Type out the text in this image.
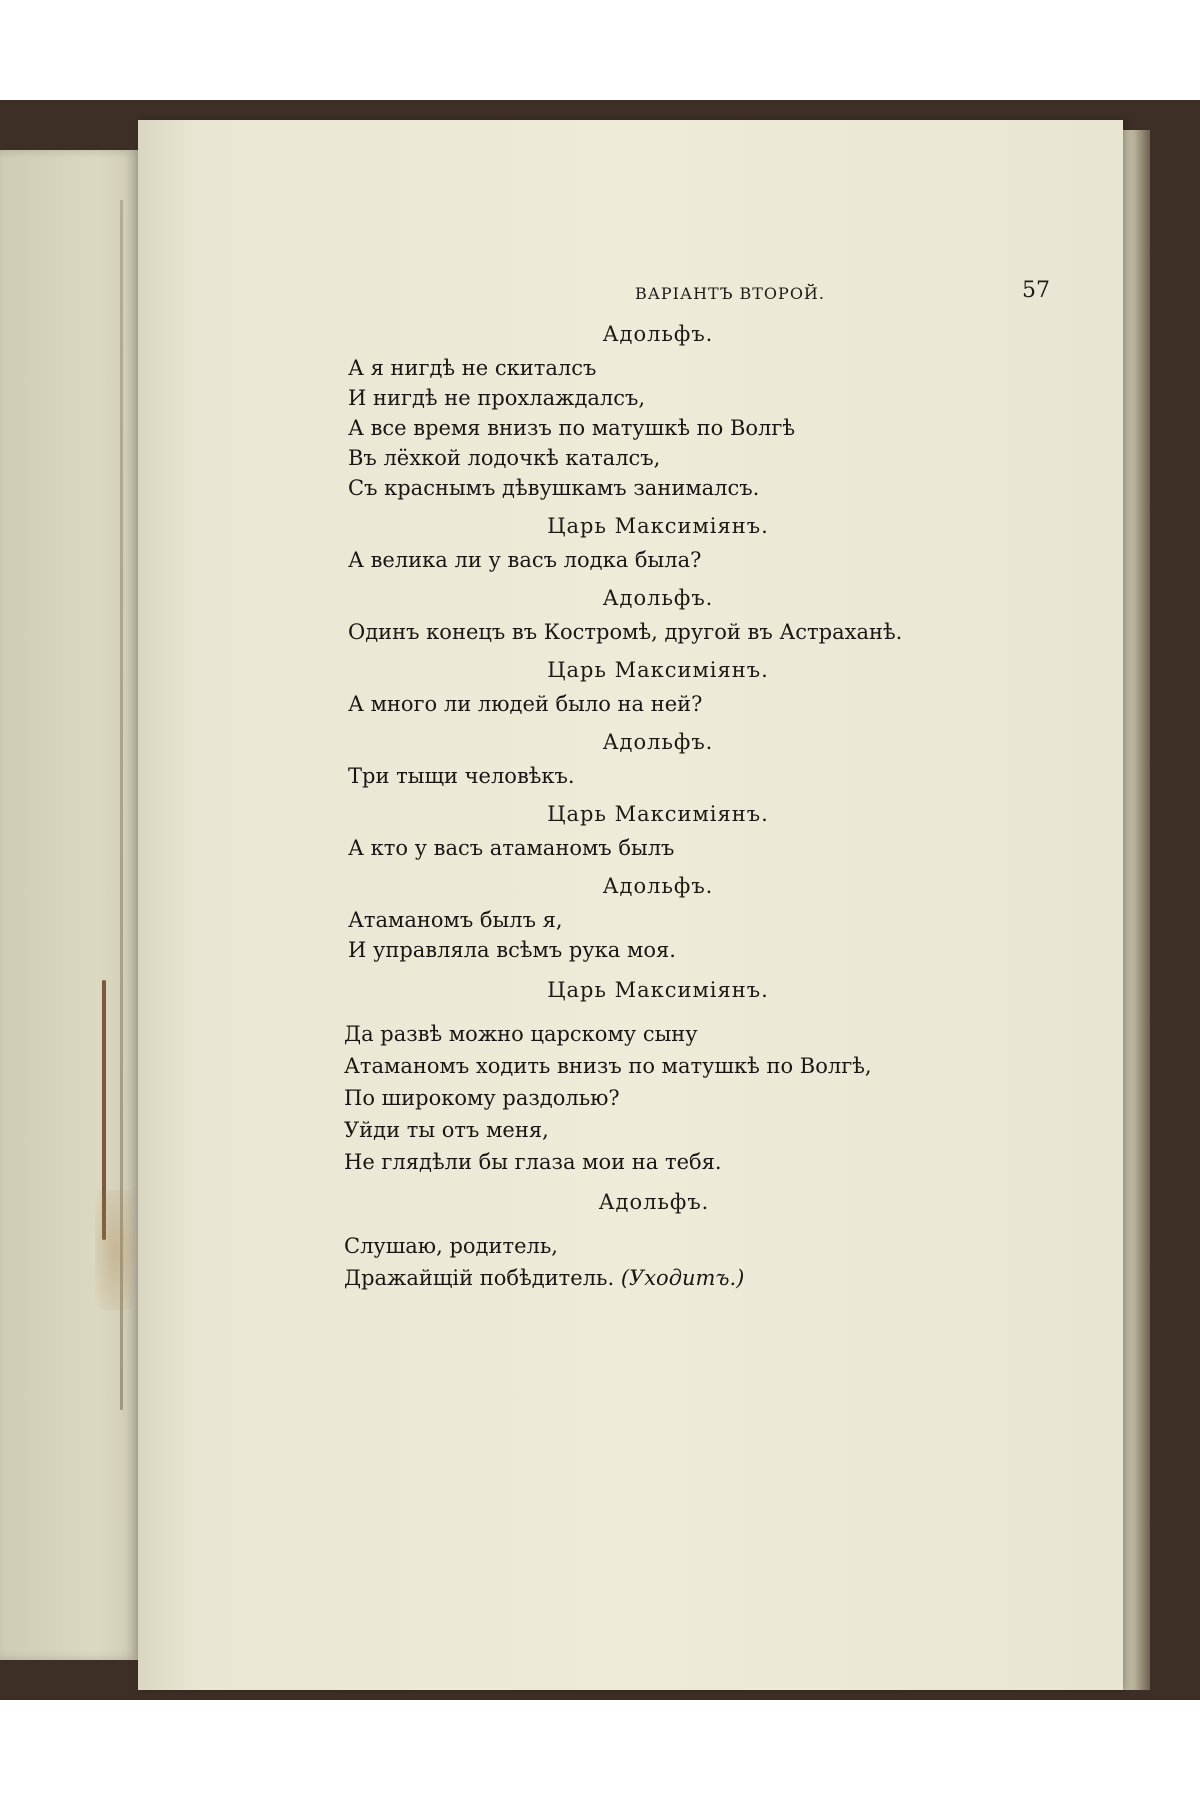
ВАРІАНТЪ ВТОРОЙ.	57
Адольфъ.
А я нигдѣ не скиталсъ
И нигдѣ не прохлаждалсъ,
А все время внизъ по матушкѣ по Волгѣ
Въ лёхкой лодочкѣ каталсъ,
Съ краснымъ дѣвушкамъ занималсъ.
Царь Максиміянъ.
А велика ли у васъ лодка была?
Адольфъ.
Одинъ конецъ въ Костромѣ, другой въ Астраханѣ.
Царь Максиміянъ.
А много ли людей было на ней?
Адольфъ.
Три тыщи человѣкъ.
Царь Максиміянъ.
А кто у васъ атаманомъ былъ
Адольфъ.
Атаманомъ былъ я,
И управляла всѣмъ рука моя.
Царь Максиміянъ.
Да развѣ можно царскому сыну
Атаманомъ ходить внизъ по матушкѣ по Волгѣ,
По широкому раздолью?
Уйди ты отъ меня,
Не глядѣли бы глаза мои на тебя.
Адольфъ.
Слушаю, родитель,
Дражайщій побѣдитель. (Уходитъ.)
